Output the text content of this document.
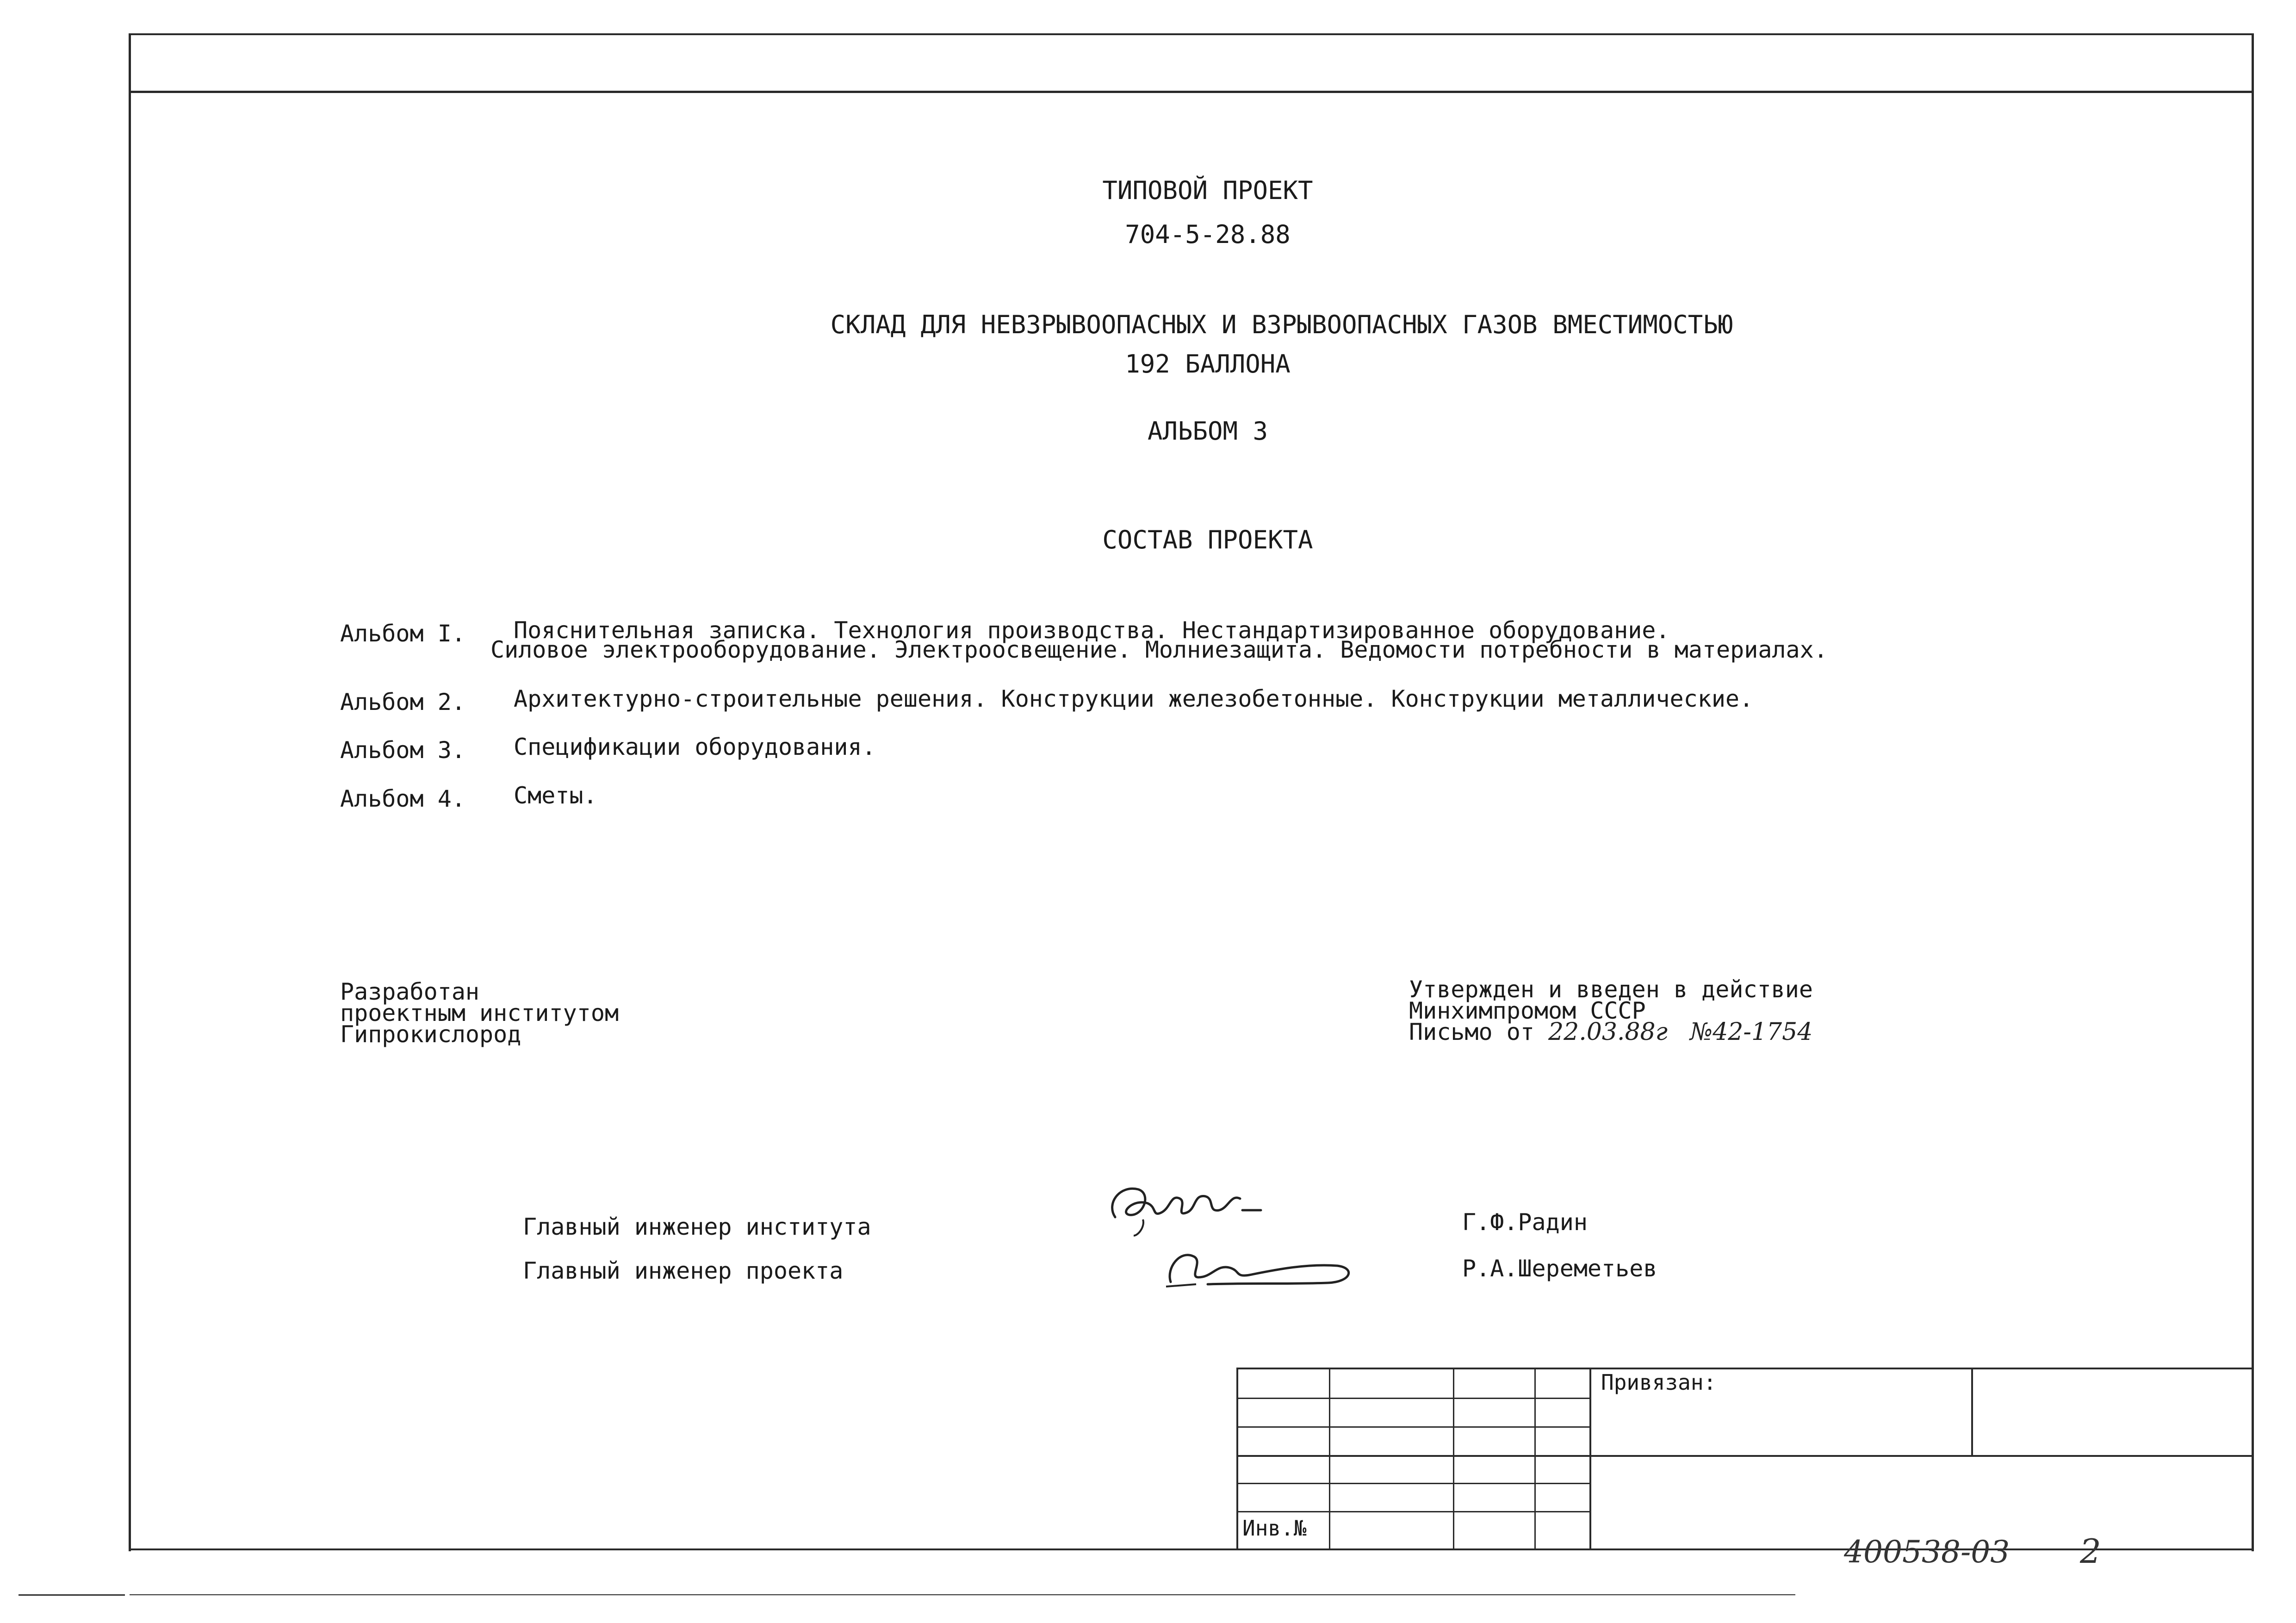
ТИПОВОЙ ПРОЕКТ
704-5-28.88
СКЛАД ДЛЯ НЕВЗРЫВООПАСНЫХ И ВЗРЫВООПАСНЫХ ГАЗОВ ВМЕСТИМОСТЬЮ
192 БАЛЛОНА
АЛЬБОМ 3
СОСТАВ ПРОЕКТА
Альбом I. Пояснительная записка. Технология производства. Нестандартизированное оборудование.
Силовое электрооборудование. Электроосвещение. Молниезащита. Ведомости потребности в материалах.
Альбом 2. Архитектурно-строительные решения. Конструкции железобетонные. Конструкции металлические.
Альбом 3. Спецификации оборудования.
Альбом 4. Сметы.
Разработан
проектным институтом
Гипрокислород
Утвержден и введен в действие
Минхимпромом СССР
Письмо от 22.03.88г №42-1754
Главный инженер института
Главный инженер проекта
Г.Ф.Радин
Р.А.Шереметьев
Привязан:
Инв.№
400538-03 2
